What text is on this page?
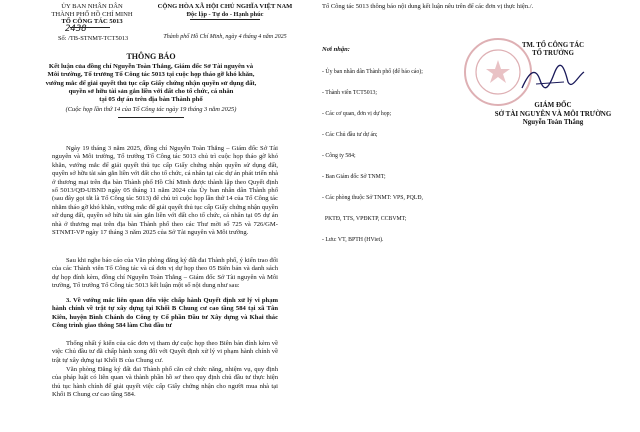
ỦY BAN NHÂN DÂN
THÀNH PHỐ HỒ CHÍ MINH
TỔ CÔNG TÁC 5013
2438
Số: /TB-STNMT-TCT5013
CỘNG HÒA XÃ HỘI CHỦ NGHĨA VIỆT NAM
Độc lập - Tự do - Hạnh phúc
Thành phố Hồ Chí Minh, ngày 4 tháng 4 năm 2025
THÔNG BÁO
Kết luận của đồng chí Nguyễn Toàn Thắng, Giám đốc Sở Tài nguyên và
Môi trường, Tổ trưởng Tổ Công tác 5013 tại cuộc họp tháo gỡ khó khăn,
vướng mắc để giải quyết thủ tục cấp Giấy chứng nhận quyền sử dụng đất,
quyền sở hữu tài sản gắn liền với đất cho tổ chức, cá nhân
tại 05 dự án trên địa bàn Thành phố
(Cuộc họp lần thứ 14 của Tổ Công tác ngày 19 tháng 3 năm 2025)
Ngày 19 tháng 3 năm 2025, đồng chí Nguyễn Toàn Thắng – Giám đốc Sở Tài nguyên và Môi trường, Tổ trưởng Tổ Công tác 5013 chủ trì cuộc họp tháo gỡ khó khăn, vướng mắc để giải quyết thủ tục cấp Giấy chứng nhận quyền sử dụng đất, quyền sở hữu tài sản gắn liền với đất cho tổ chức, cá nhân tại các dự án phát triển nhà ở thương mại trên địa bàn Thành phố Hồ Chí Minh được thành lập theo Quyết định số 5013/QĐ-UBND ngày 05 tháng 11 năm 2024 của Ủy ban nhân dân Thành phố (sau đây gọi tắt là Tổ Công tác 5013) để chủ trì cuộc họp lần thứ 14 của Tổ Công tác nhằm tháo gỡ khó khăn, vướng mắc để giải quyết thủ tục cấp Giấy chứng nhận quyền sử dụng đất, quyền sở hữu tài sản gắn liền với đất cho tổ chức, cá nhân tại 05 dự án nhà ở thương mại trên địa bàn Thành phố theo các Thư mời số 725 và 726/GM-STNMT-VP ngày 17 tháng 3 năm 2025 của Sở Tài nguyên và Môi trường.
Sau khi nghe báo cáo của Văn phòng đăng ký đất đai Thành phố, ý kiến trao đổi của các Thành viên Tổ Công tác và cá đơn vị dự họp theo 05 Biên bản và danh sách dự họp đính kèm, đồng chí Nguyễn Toàn Thắng – Giám đốc Sở Tài nguyên và Môi trường, Tổ trưởng Tổ Công tác 5013 kết luận một số nội dung như sau:
3. Về vướng mắc liên quan đến việc chấp hành Quyết định xử lý vi phạm hành chính về trật tự xây dựng tại Khối B Chung cư cao tầng 584 tại xã Tân Kiên, huyện Bình Chánh do Công ty Cổ phần Đầu tư Xây dựng và Khai thác Công trình giao thông 584 làm Chủ đầu tư
Thống nhất ý kiến của các đơn vị tham dự cuộc họp theo Biên bản đính kèm về việc Chủ đầu tư đã chấp hành xong đối với Quyết định xử lý vi phạm hành chính về trật tự xây dựng tại Khối B của Chung cư.
Văn phòng Đăng ký đất đai Thành phố căn cứ chức năng, nhiệm vụ, quy định của pháp luật có liên quan và thành phần hồ sơ theo quy định chủ đầu tư thực hiện thủ tục hành chính để giải quyết việc cấp Giấy chứng nhận cho người mua nhà tại Khối B Chung cư cao tầng 584.
Tổ Công tác 5013 thông báo nội dung kết luận nêu trên để các đơn vị thực hiện./.
Nơi nhận:

- Ủy ban nhân dân Thành phố (để báo cáo);

- Thành viên TCT5013;

- Các cơ quan, đơn vị dự họp;

- Các Chủ đầu tư dự án;

- Công ty 584;

- Ban Giám đốc Sở TNMT;

- Các phòng thuộc Sở TNMT: VPS, PQLĐ,

PKTĐ, TTS, VPĐKTP, CCBVMT;

- Lưu: VT, BPTH (HViet).

TM. TỔ CÔNG TÁC
TỔ TRƯỞNG
GIÁM ĐỐC
SỞ TÀI NGUYÊN VÀ MÔI TRƯỜNG
Nguyễn Toàn Thắng
